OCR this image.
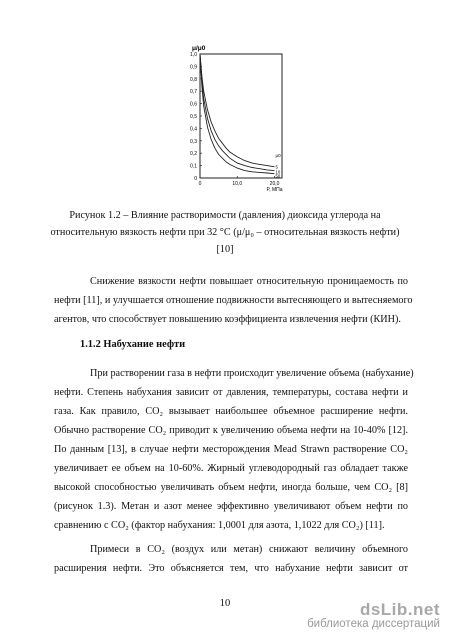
μ/μ0
1,0
0,9
0,8
0,7
0,6
0,5
0,4
0,3
0,2
0,1
0
0	10,0	20,0
P, МПа
5
10
50
μ0
Рисунок 1.2 – Влияние растворимости (давления) диоксида углерода на
относительную вязкость нефти при 32 °С (μ/μ₀ – относительная вязкость нефти)
[10]
Снижение вязкости нефти повышает относительную проницаемость по
нефти [11], и улучшается отношение подвижности вытесняющего и вытесняемого
агентов, что способствует повышению коэффициента извлечения нефти (КИН).
1.1.2 Набухание нефти
При растворении газа в нефти происходит увеличение объема (набухание)
нефти. Степень набухания зависит от давления, температуры, состава нефти и
газа. Как правило, CO₂ вызывает наибольшее объемное расширение нефти.
Обычно растворение CO₂ приводит к увеличению объема нефти на 10-40% [12].
По данным [13], в случае нефти месторождения Mead Strawn растворение CO₂
увеличивает ее объем на 10-60%. Жирный углеводородный газ обладает также
высокой способностью увеличивать объем нефти, иногда больше, чем CO₂ [8]
(рисунок 1.3). Метан и азот менее эффективно увеличивают объем нефти по
сравнению с CO₂ (фактор набухания: 1,0001 для азота, 1,1022 для CO₂) [11].
Примеси в CO₂ (воздух или метан) снижают величину объемного
расширения нефти. Это объясняется тем, что набухание нефти зависит от
10	dsLib.net
библиотека диссертаций
